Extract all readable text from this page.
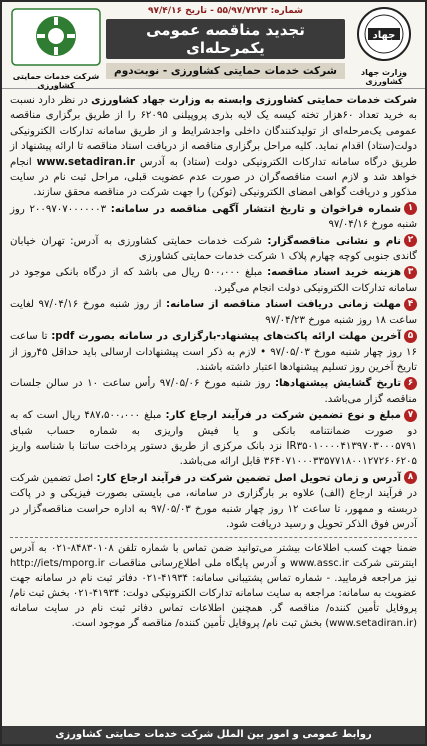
جهاد
وزارت جهاد کشاورزی
شماره: ۵۵/۹۷/۷۲۷۳ - تاریخ ۹۷/۴/۱۶
تجدید مناقصه عمومی یکمرحله‌ای
شرکت خدمات حمایتی کشاورزی - نوبت‌دوم
شرکت خدمات حمایتی کشاورزی
شرکت خدمات حمایتی کشاورزی وابسته به وزارت جهاد کشاورزی در نظر دارد نسبت به خرید تعداد ۶۰هزار تخته کیسه یک لایه بذری پروپیلنی ۶۲۰۹۵ را از طریق برگزاری مناقصه عمومی یک‌مرحله‌ای از تولیدکنندگان داخلی واجدشرایط و از طریق سامانه تدارکات الکترونیکی دولت(ستاد) اقدام نماید. کلیه مراحل برگزاری مناقصه از دریافت اسناد مناقصه تا ارائه پیشنهاد از طریق درگاه سامانه تدارکات الکترونیکی دولت (ستاد) به آدرس www.setadiran.ir انجام خواهد شد و لازم است مناقصه‌گران در صورت عدم عضویت قبلی، مراحل ثبت نام در سایت مذکور و دریافت گواهی امضای الکترونیکی (توکن) را جهت شرکت در مناقصه محقق سازند.
۱شماره فراخوان و تاریخ انتشار آگهی مناقصه در سامانه: ۲۰۰۹۷۰۷۰۰۰۰۰۰۳ روز شنبه مورخ ۹۷/۰۴/۱۶
۲نام و نشانی مناقصه‌گزار: شرکت خدمات حمایتی کشاورزی به آدرس: تهران خیابان گاندی جنوبی کوچه چهارم پلاک ۱ شرکت خدمات حمایتی کشاورزی
۳هزینه خرید اسناد مناقصه: مبلغ ۵۰۰،۰۰۰ ریال می باشد که از درگاه بانکی موجود در سامانه تدارکات الکترونیکی دولت انجام می‌گیرد.
۴مهلت زمانی دریافت اسناد مناقصه از سامانه: از روز شنبه مورخ ۹۷/۰۴/۱۶ لغایت ساعت ۱۸ روز شنبه مورخ ۹۷/۰۴/۲۳
۵آخرین مهلت ارائه پاکت‌های پیشنهاد-بارگزاری در سامانه بصورت pdf: تا ساعت ۱۶ روز چهار شنبه مورخ ۹۷/۰۵/۰۳ • لازم به ذکر است پیشنهادات ارسالی باید حداقل ۴۵روز از تاریخ آخرین روز تسلیم پیشنهادها اعتبار داشته باشند.
۶تاریخ گشایش پیشنهادها: روز شنبه مورخ ۹۷/۰۵/۰۶ رأس ساعت ۱۰ در سالن جلسات مناقصه گزار می‌باشد.
۷مبلغ و نوع تضمین شرکت در فرآیند ارجاع کار: مبلغ ۴۸۷،۵۰۰،۰۰۰ ریال است که به دو صورت ضمانتنامه بانکی و یا فیش واریزی به شماره حساب شبای IR۳۵۰۱۰۰۰۰۴۱۳۹۷۰۳۰۰۰۵۷۹۱ نزد بانک مرکزی از طریق دستور پرداخت ساتنا با شناسه واریز ۳۶۴۰۷۱۰۰۰۳۳۵۷۷۱۸۰۰۱۲۷۲۶۰۶۲۰۵ قابل ارائه می‌باشد.
۸آدرس و زمان تحویل اصل تضمین شرکت در فرآیند ارجاع کار: اصل تضمین شرکت در فرآیند ارجاع (الف) علاوه بر بارگزاری در سامانه، می بایستی بصورت فیزیکی و در پاکت دربسته و ممهور، تا ساعت ۱۲ روز چهار شنبه مورخ ۹۷/۰۵/۰۳ به اداره حراست مناقصه‌گزار در آدرس فوق الذکر تحویل و رسید دریافت شود.
ضمنا جهت کسب اطلاعات بیشتر می‌توانید ضمن تماس با شماره تلفن ۸۴۸۳۰۱۰۸-۰۲۱ به آدرس اینترنتی شرکت www.assc.ir و آدرس پایگاه ملی اطلاع‌رسانی مناقصات http://iets/mporg.ir نیز مراجعه فرمایید. - شماره تماس پشتیبانی سامانه: ۴۱۹۳۴-۰۲۱ دفاتر ثبت نام در سامانه جهت عضویت به سامانه: مراجعه به سایت سامانه تدارکات الکترونیکی دولت: ۴۱۹۳۴-۰۲۱ بخش ثبت نام/ پروفایل تأمین کننده/ مناقصه گر. همچنین اطلاعات تماس دفاتر ثبت نام در سایت سامانه (www.setadiran.ir) بخش ثبت نام/ پروفایل تأمین کننده/ مناقصه گر موجود است.
روابط عمومی و امور بین الملل شرکت خدمات حمایتی کشاورزی
